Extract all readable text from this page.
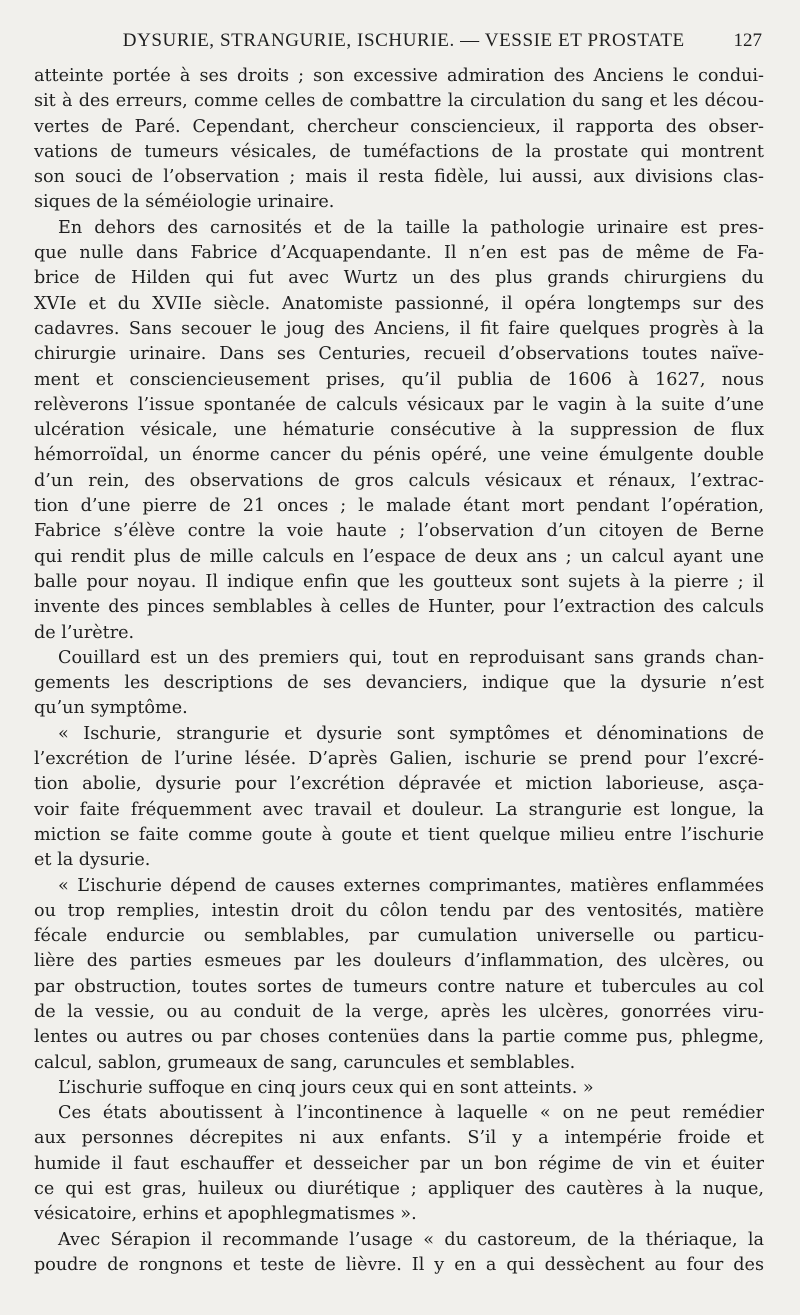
DYSURIE, STRANGURIE, ISCHURIE. — VESSIE ET PROSTATE	127
atteinte portée à ses droits ; son excessive admiration des Anciens le condui-
sit à des erreurs, comme celles de combattre la circulation du sang et les décou-
vertes de Paré. Cependant, chercheur consciencieux, il rapporta des obser-
vations de tumeurs vésicales, de tuméfactions de la prostate qui montrent
son souci de l’observation ; mais il resta fidèle, lui aussi, aux divisions clas-
siques de la séméiologie urinaire.
En dehors des carnosités et de la taille la pathologie urinaire est pres-
que nulle dans Fabrice d’Acquapendante. Il n’en est pas de même de Fa-
brice de Hilden qui fut avec Wurtz un des plus grands chirurgiens du
XVIe et du XVIIe siècle. Anatomiste passionné, il opéra longtemps sur des
cadavres. Sans secouer le joug des Anciens, il fit faire quelques progrès à la
chirurgie urinaire. Dans ses Centuries, recueil d’observations toutes naïve-
ment et consciencieusement prises, qu’il publia de 1606 à 1627, nous
relèverons l’issue spontanée de calculs vésicaux par le vagin à la suite d’une
ulcération vésicale, une hématurie consécutive à la suppression de flux
hémorroïdal, un énorme cancer du pénis opéré, une veine émulgente double
d’un rein, des observations de gros calculs vésicaux et rénaux, l’extrac-
tion d’une pierre de 21 onces ; le malade étant mort pendant l’opération,
Fabrice s’élève contre la voie haute ; l’observation d’un citoyen de Berne
qui rendit plus de mille calculs en l’espace de deux ans ; un calcul ayant une
balle pour noyau. Il indique enfin que les goutteux sont sujets à la pierre ; il
invente des pinces semblables à celles de Hunter, pour l’extraction des calculs
de l’urètre.
Couillard est un des premiers qui, tout en reproduisant sans grands chan-
gements les descriptions de ses devanciers, indique que la dysurie n’est
qu’un symptôme.
« Ischurie, strangurie et dysurie sont symptômes et dénominations de
l’excrétion de l’urine lésée. D’après Galien, ischurie se prend pour l’excré-
tion abolie, dysurie pour l’excrétion dépravée et miction laborieuse, asça-
voir faite fréquemment avec travail et douleur. La strangurie est longue, la
miction se faite comme goute à goute et tient quelque milieu entre l’ischurie
et la dysurie.
« L’ischurie dépend de causes externes comprimantes, matières enflammées
ou trop remplies, intestin droit du côlon tendu par des ventosités, matière
fécale endurcie ou semblables, par cumulation universelle ou particu-
lière des parties esmeues par les douleurs d’inflammation, des ulcères, ou
par obstruction, toutes sortes de tumeurs contre nature et tubercules au col
de la vessie, ou au conduit de la verge, après les ulcères, gonorrées viru-
lentes ou autres ou par choses contenües dans la partie comme pus, phlegme,
calcul, sablon, grumeaux de sang, caruncules et semblables.
L’ischurie suffoque en cinq jours ceux qui en sont atteints. »
Ces états aboutissent à l’incontinence à laquelle « on ne peut remédier
aux personnes décrepites ni aux enfants. S’il y a intempérie froide et
humide il faut eschauffer et desseicher par un bon régime de vin et éuiter
ce qui est gras, huileux ou diurétique ; appliquer des cautères à la nuque,
vésicatoire, erhins et apophlegmatismes ».
Avec Sérapion il recommande l’usage « du castoreum, de la thériaque, la
poudre de rongnons et teste de lièvre. Il y en a qui dessèchent au four des
